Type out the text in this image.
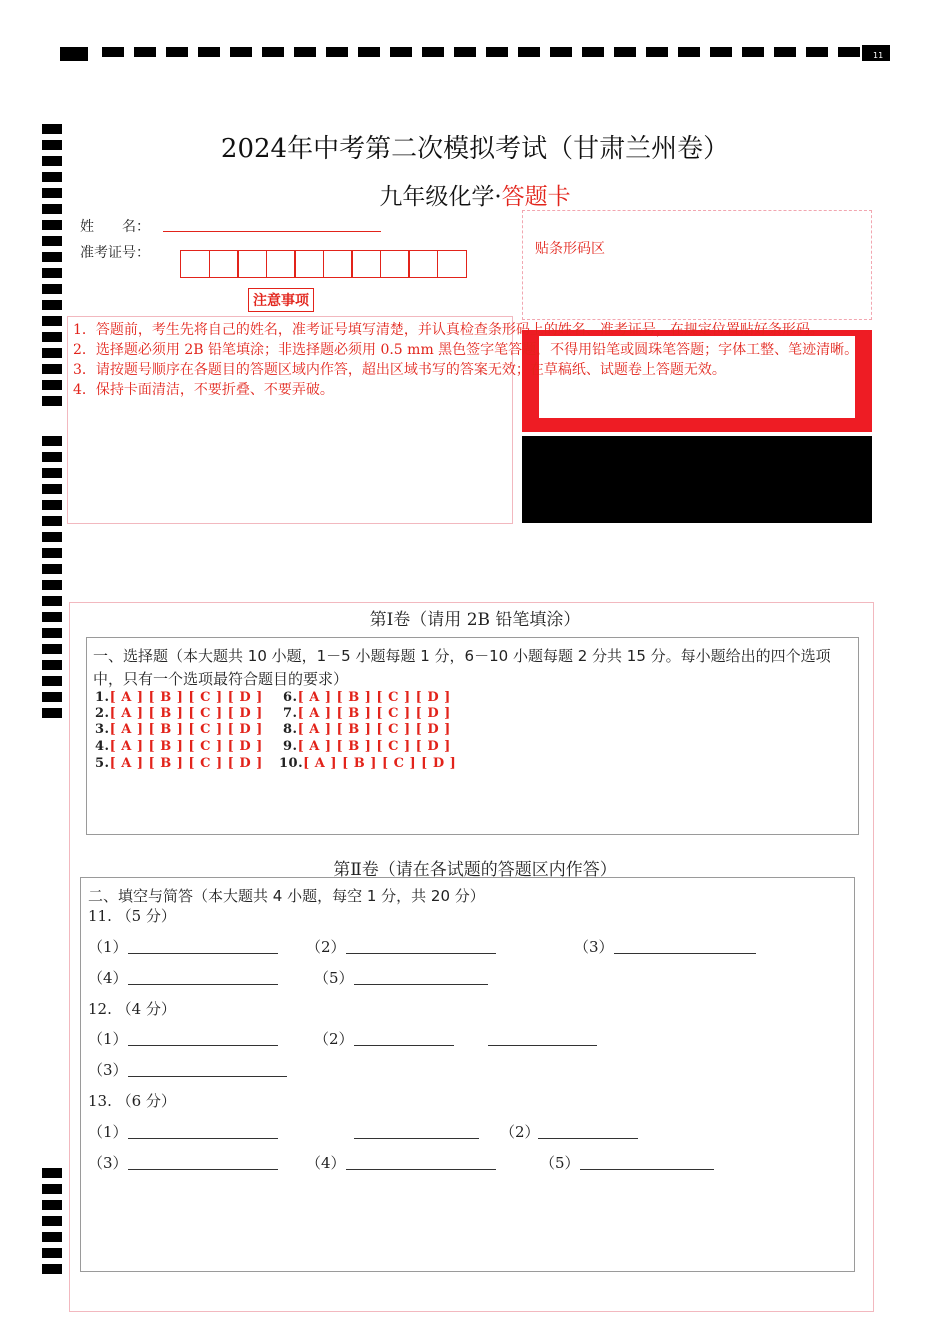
11
2024年中考第二次模拟考试（甘肃兰州卷）
九年级化学·答题卡
姓　　名：
准考证号：
注意事项
贴条形码区
1．答题前，考生先将自己的姓名，准考证号填写清楚，并认真检查条形码上的姓名、准考证号，在规定位置贴好条形码。
2．选择题必须用 2B 铅笔填涂；非选择题必须用 0.5 mm 黑色签字笔答题，不得用铅笔或圆珠笔答题；字体工整、笔迹清晰。
3．请按题号顺序在各题目的答题区域内作答，超出区域书写的答案无效；在草稿纸、试题卷上答题无效。
4．保持卡面清洁，不要折叠、不要弄破。
第Ⅰ卷（请用 2B 铅笔填涂）
一、选择题（本大题共 10 小题，1－5 小题每题 1 分，6－10 小题每题 2 分共 15 分。每小题给出的四个选项中，只有一个选项最符合题目的要求）
1.[ A ] [ B ] [ C ] [ D ]
2.[ A ] [ B ] [ C ] [ D ]
3.[ A ] [ B ] [ C ] [ D ]
4.[ A ] [ B ] [ C ] [ D ]
5.[ A ] [ B ] [ C ] [ D ]
6.[ A ] [ B ] [ C ] [ D ]
7.[ A ] [ B ] [ C ] [ D ]
8.[ A ] [ B ] [ C ] [ D ]
9.[ A ] [ B ] [ C ] [ D ]
10.[ A ] [ B ] [ C ] [ D ]
第Ⅱ卷（请在各试题的答题区内作答）
二、填空与简答（本大题共 4 小题，每空 1 分，共 20 分）
11. （5 分）
（1）	（2）	（3）
（4）	（5）
12. （4 分）
（1）	（2）
（3）
13. （6 分）
（1）	（2）
（3）	（4）	（5）
